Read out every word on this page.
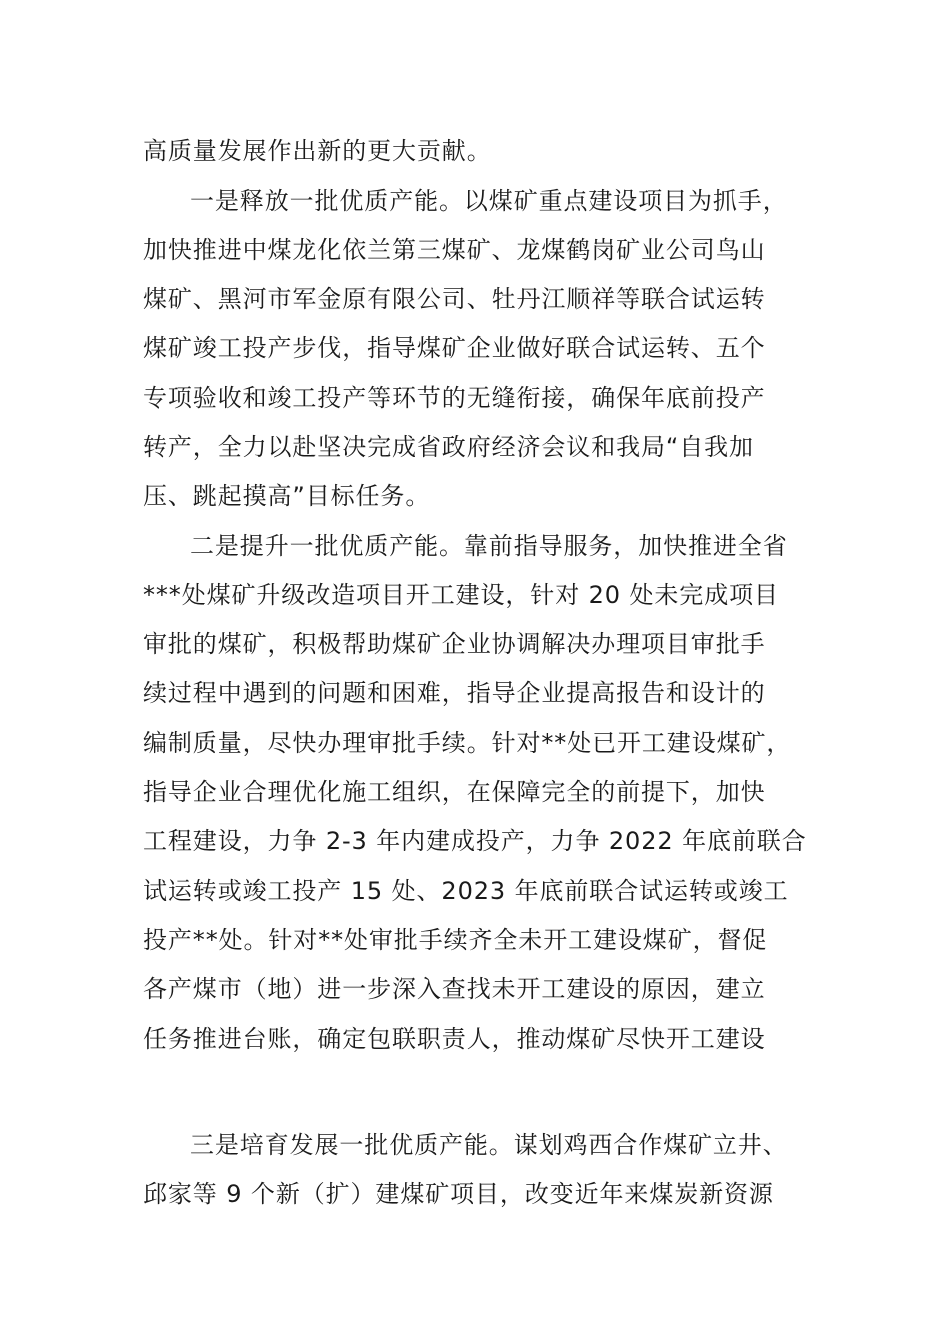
高质量发展作出新的更大贡献。
一是释放一批优质产能。以煤矿重点建设项目为抓手，
加快推进中煤龙化依兰第三煤矿、龙煤鹤岗矿业公司鸟山
煤矿、黑河市军金原有限公司、牡丹江顺祥等联合试运转
煤矿竣工投产步伐，指导煤矿企业做好联合试运转、五个
专项验收和竣工投产等环节的无缝衔接，确保年底前投产
转产，全力以赴坚决完成省政府经济会议和我局“自我加
压、跳起摸高”目标任务。
二是提升一批优质产能。靠前指导服务，加快推进全省
***处煤矿升级改造项目开工建设，针对 20 处未完成项目
审批的煤矿，积极帮助煤矿企业协调解决办理项目审批手
续过程中遇到的问题和困难，指导企业提高报告和设计的
编制质量，尽快办理审批手续。针对**处已开工建设煤矿，
指导企业合理优化施工组织，在保障完全的前提下，加快
工程建设，力争 2-3 年内建成投产，力争 2022 年底前联合
试运转或竣工投产 15 处、2023 年底前联合试运转或竣工
投产**处。针对**处审批手续齐全未开工建设煤矿，督促
各产煤市（地）进一步深入查找未开工建设的原因，建立
任务推进台账，确定包联职责人，推动煤矿尽快开工建设
三是培育发展一批优质产能。谋划鸡西合作煤矿立井、
邱家等 9 个新（扩）建煤矿项目，改变近年来煤炭新资源
